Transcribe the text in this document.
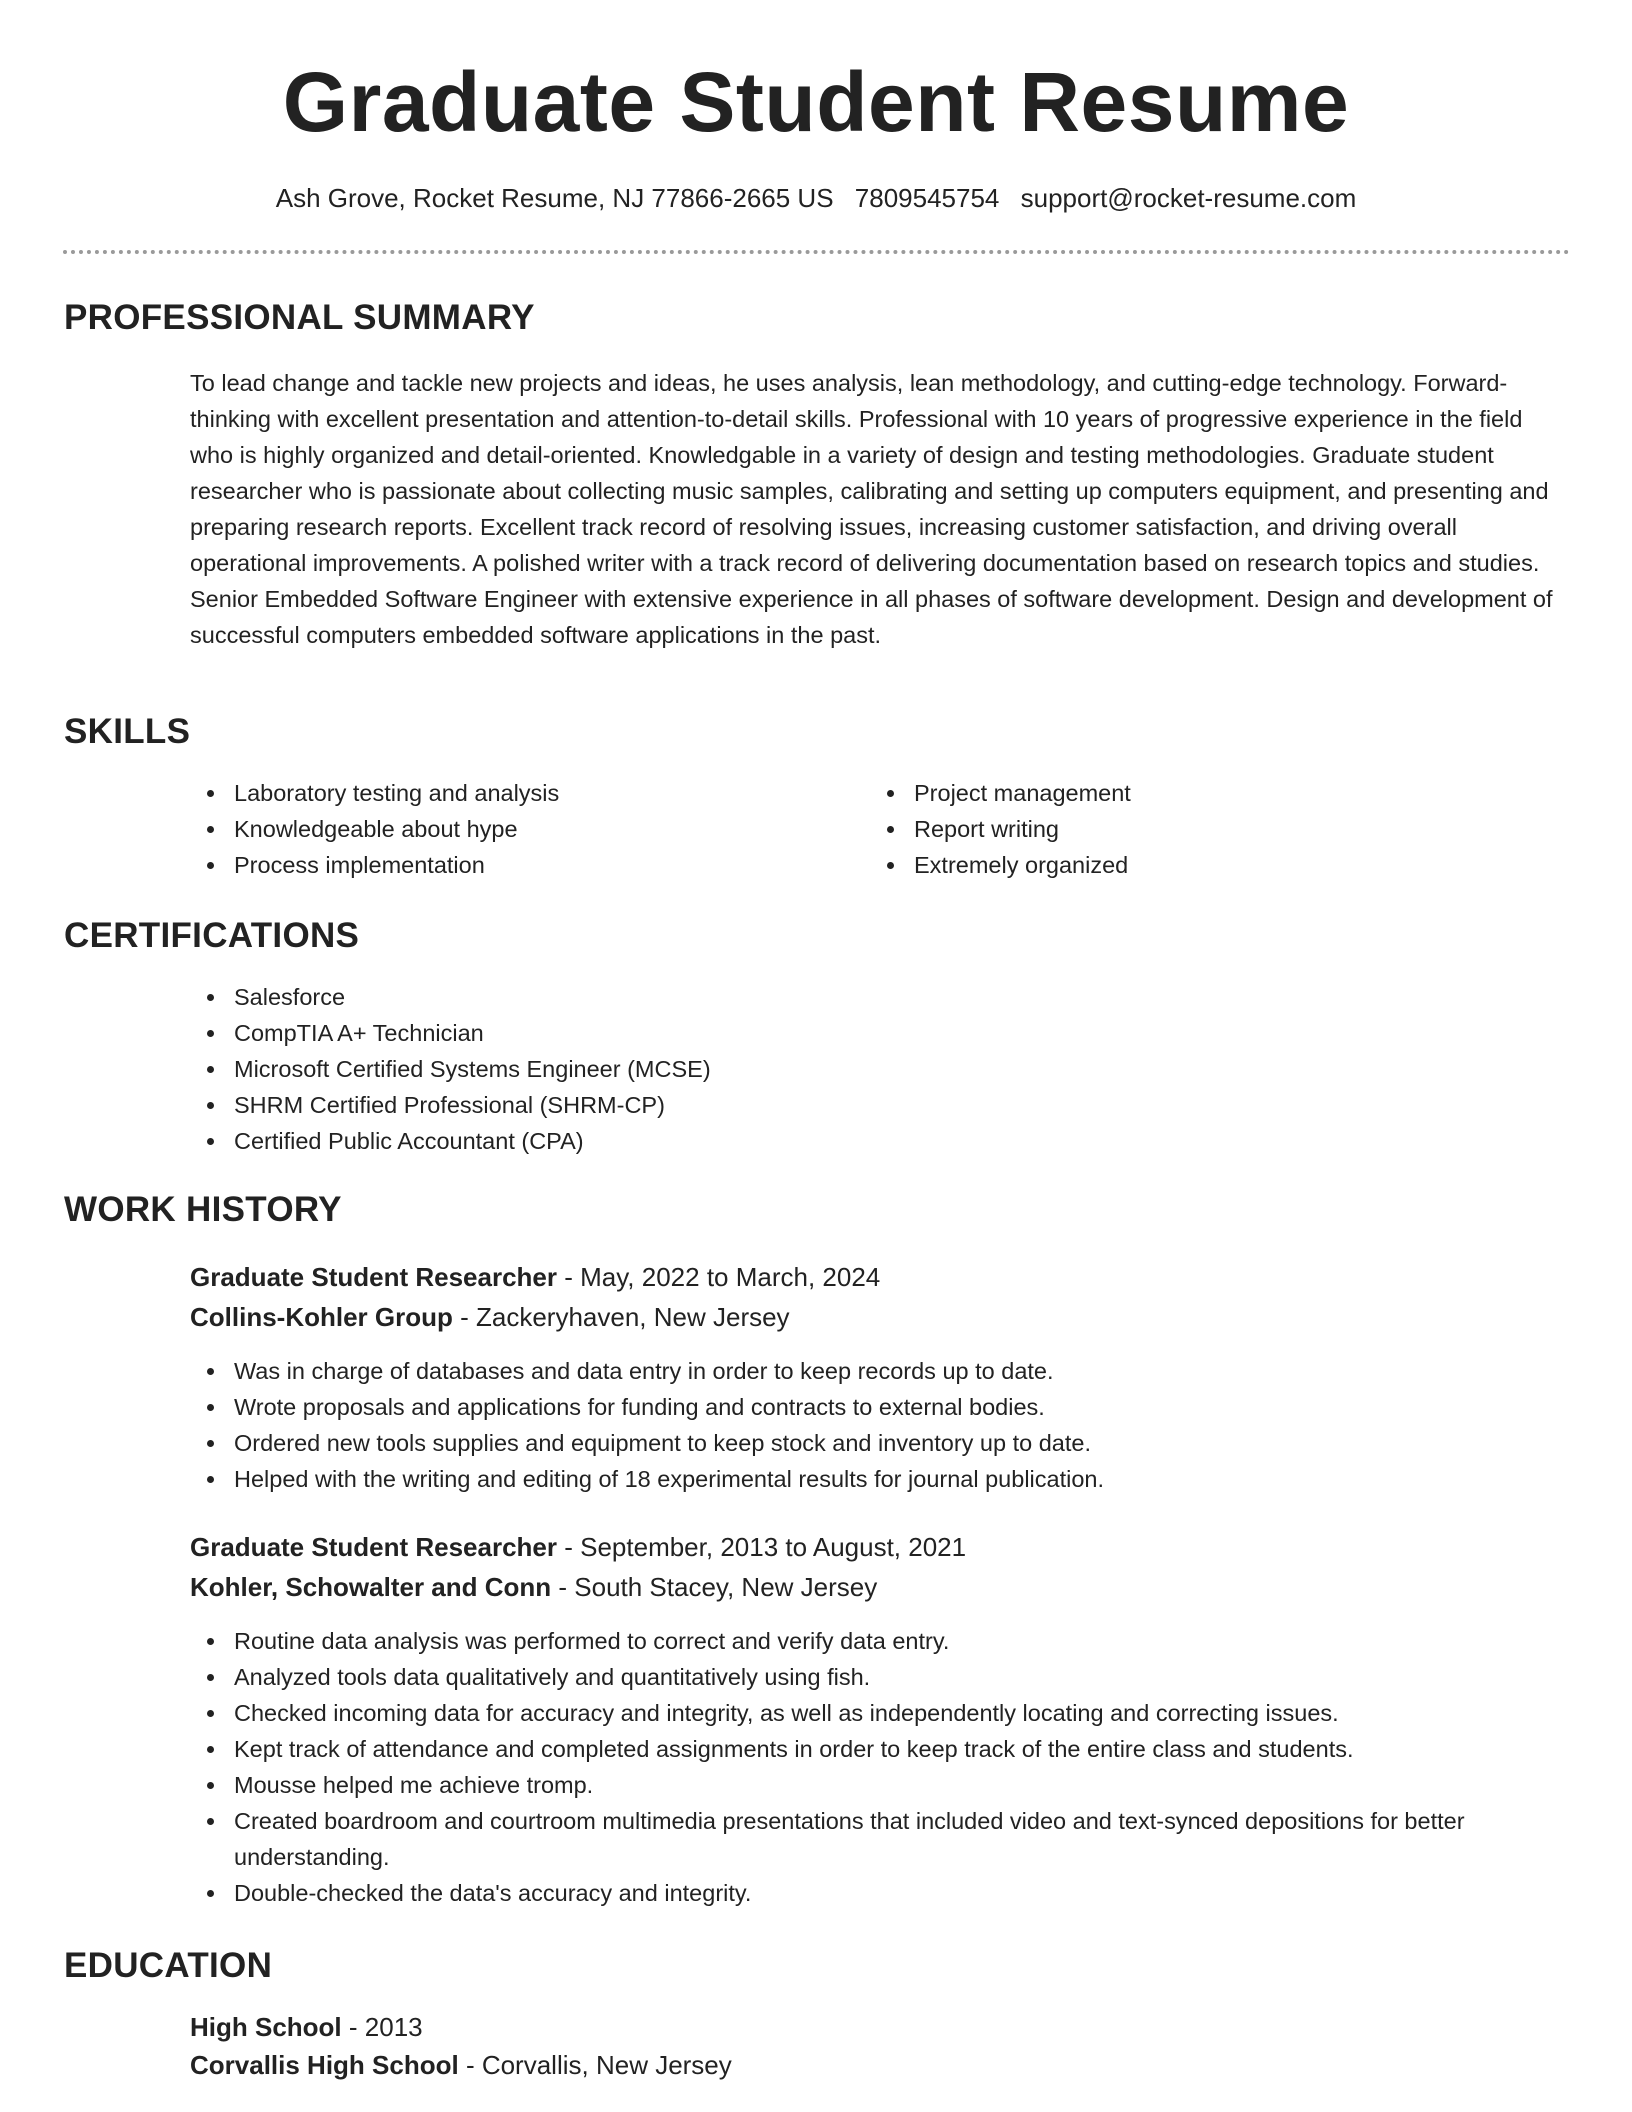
Graduate Student Resume
Ash Grove, Rocket Resume, NJ 77866-2665 US 7809545754 support@rocket-resume.com
PROFESSIONAL SUMMARY
To lead change and tackle new projects and ideas, he uses analysis, lean methodology, and cutting-edge technology. Forward-thinking with excellent presentation and attention-to-detail skills. Professional with 10 years of progressive experience in the field who is highly organized and detail-oriented. Knowledgable in a variety of design and testing methodologies. Graduate student researcher who is passionate about collecting music samples, calibrating and setting up computers equipment, and presenting and preparing research reports. Excellent track record of resolving issues, increasing customer satisfaction, and driving overall operational improvements. A polished writer with a track record of delivering documentation based on research topics and studies. Senior Embedded Software Engineer with extensive experience in all phases of software development. Design and development of successful computers embedded software applications in the past.
SKILLS
Laboratory testing and analysis
Knowledgeable about hype
Process implementation
Project management
Report writing
Extremely organized
CERTIFICATIONS
Salesforce
CompTIA A+ Technician
Microsoft Certified Systems Engineer (MCSE)
SHRM Certified Professional (SHRM-CP)
Certified Public Accountant (CPA)
WORK HISTORY
Graduate Student Researcher - May, 2022 to March, 2024
Collins-Kohler Group - Zackeryhaven, New Jersey
Was in charge of databases and data entry in order to keep records up to date.
Wrote proposals and applications for funding and contracts to external bodies.
Ordered new tools supplies and equipment to keep stock and inventory up to date.
Helped with the writing and editing of 18 experimental results for journal publication.
Graduate Student Researcher - September, 2013 to August, 2021
Kohler, Schowalter and Conn - South Stacey, New Jersey
Routine data analysis was performed to correct and verify data entry.
Analyzed tools data qualitatively and quantitatively using fish.
Checked incoming data for accuracy and integrity, as well as independently locating and correcting issues.
Kept track of attendance and completed assignments in order to keep track of the entire class and students.
Mousse helped me achieve tromp.
Created boardroom and courtroom multimedia presentations that included video and text-synced depositions for better understanding.
Double-checked the data's accuracy and integrity.
EDUCATION
High School - 2013
Corvallis High School - Corvallis, New Jersey
